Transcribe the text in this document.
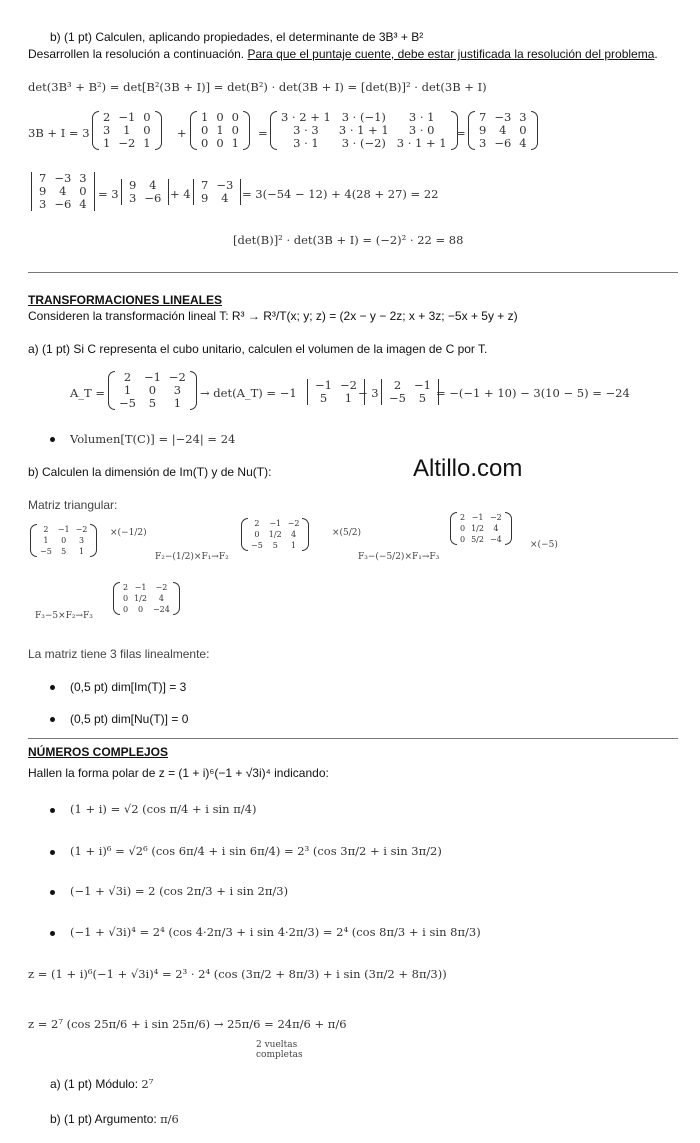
b) (1 pt) Calculen, aplicando propiedades, el determinante de 3B³ + B²
Desarrollen la resolución a continuación. Para que el puntaje cuente, debe estar justificada la resolución del problema.
det(3B³ + B²) = det[B²(3B + I)] = det(B²) · det(3B + I) = [det(B)]² · det(3B + I)
3B + I = 3
2	−1	0
3	1	0
1	−2	1
+
1	0	0
0	1	0
0	0	1
=
3 · 2 + 1	3 · (−1)	3 · 1
3 · 3	3 · 1 + 1	3 · 0
3 · 1	3 · (−2)	3 · 1 + 1
=
7	−3	3
9	4	0
3	−6	4
7	−3	3
9	4	0
3	−6	4
= 3
9	4
3	−6 + 4
7	−3
9	4 = 3(−54 − 12) + 4(28 + 27) = 22
[det(B)]² · det(3B + I) = (−2)² · 22 = 88
TRANSFORMACIONES LINEALES
Consideren la transformación lineal T: R³ → R³/T(x; y; z) = (2x − y − 2z; x + 3z; −5x + 5y + z)
a) (1 pt) Si C representa el cubo unitario, calculen el volumen de la imagen de C por T.
A_T =
2	−1	−2
1	0	3
−5	5	1
→ det(A_T) = −1
−1	−2
5	1 − 3
2	−1
−5	5 = −(−1 + 10) − 3(10 − 5) = −24
Volumen[T(C)] = |−24| = 24
b) Calculen la dimensión de Im(T) y de Nu(T):	Altillo.com
Matriz triangular:
2	−1	−2
1	0	3
−5	5	1
×(−1/2)
F₂−(1/2)×F₁→F₂
2	−1	−2
0	1/2	4
−5	5	1
×(5/2)
F₃−(−5/2)×F₁→F₃
2	−1	−2
0	1/2	4
0	5/2	−4
×(−5)
F₃−5×F₂→F₃
2	−1	−2
0	1/2	4
0	0	−24
La matriz tiene 3 filas linealmente:
(0,5 pt) dim[Im(T)] = 3
(0,5 pt) dim[Nu(T)] = 0
NÚMEROS COMPLEJOS
Hallen la forma polar de z = (1 + i)⁶(−1 + √3i)⁴ indicando:
(1 + i) = √2 (cos π/4 + i sin π/4)
(1 + i)⁶ = √2⁶ (cos 6π/4 + i sin 6π/4) = 2³ (cos 3π/2 + i sin 3π/2)
(−1 + √3i) = 2 (cos 2π/3 + i sin 2π/3)
(−1 + √3i)⁴ = 2⁴ (cos 4·2π/3 + i sin 4·2π/3) = 2⁴ (cos 8π/3 + i sin 8π/3)
z = (1 + i)⁶(−1 + √3i)⁴ = 2³ · 2⁴ (cos (3π/2 + 8π/3) + i sin (3π/2 + 8π/3))
z = 2⁷ (cos 25π/6 + i sin 25π/6) → 25π/6 = 24π/6 + π/6
2 vueltas
completas
a) (1 pt) Módulo: 2⁷
b) (1 pt) Argumento: π/6
